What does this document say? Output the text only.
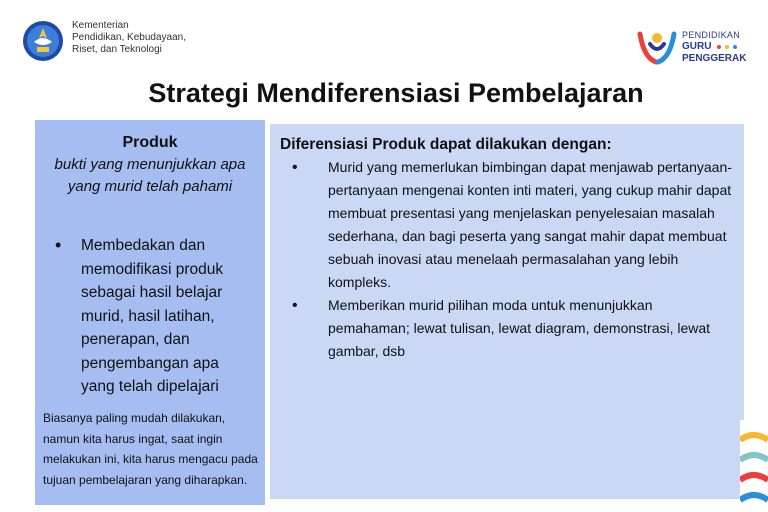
Kementerian
Pendidikan, Kebudayaan,
Riset, dan Teknologi
PENDIDIKAN
GURU
PENGGERAK
Strategi Mendiferensiasi Pembelajaran
Produk
bukti yang menunjukkan apa yang murid telah pahami
•	Membedakan dan memodifikasi produk sebagai hasil belajar murid, hasil latihan, penerapan, dan pengembangan apa yang telah dipelajari
Biasanya paling mudah dilakukan, namun kita harus ingat, saat ingin melakukan ini, kita harus mengacu pada tujuan pembelajaran yang diharapkan.
Diferensiasi Produk dapat dilakukan dengan:
•	Murid yang memerlukan bimbingan dapat menjawab pertanyaan-pertanyaan mengenai konten inti materi, yang cukup mahir dapat membuat presentasi yang menjelaskan penyelesaian masalah sederhana, dan bagi peserta yang sangat mahir dapat membuat sebuah inovasi atau menelaah permasalahan yang lebih kompleks.
•	Memberikan murid pilihan moda untuk menunjukkan pemahaman; lewat tulisan, lewat diagram, demonstrasi, lewat gambar, dsb
